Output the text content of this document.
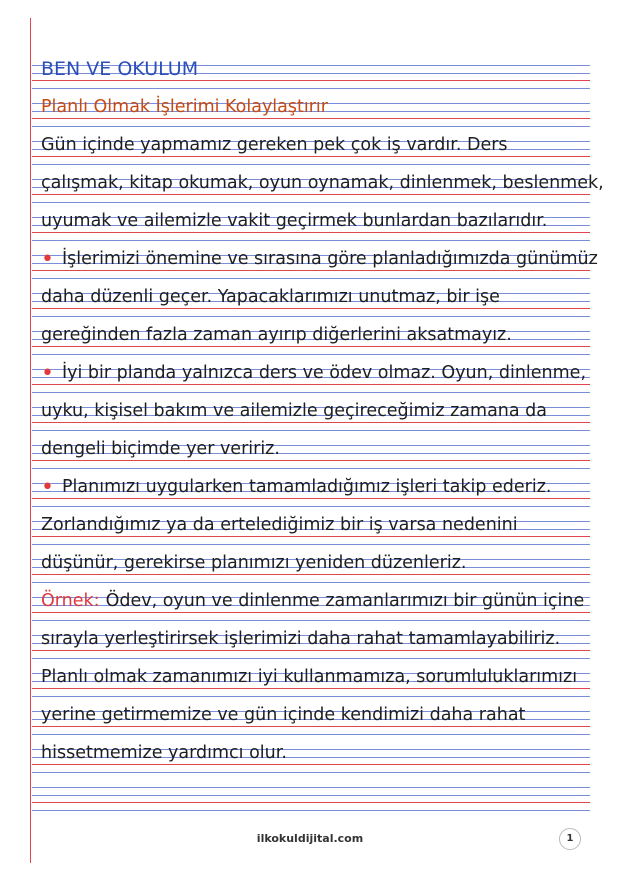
BEN VE OKULUM
Planlı Olmak İşlerimi Kolaylaştırır
Gün içinde yapmamız gereken pek çok iş vardır. Ders
çalışmak, kitap okumak, oyun oynamak, dinlenmek, beslenmek,
uyumak ve ailemizle vakit geçirmek bunlardan bazılarıdır.
• İşlerimizi önemine ve sırasına göre planladığımızda günümüz
daha düzenli geçer. Yapacaklarımızı unutmaz, bir işe
gereğinden fazla zaman ayırıp diğerlerini aksatmayız.
• İyi bir planda yalnızca ders ve ödev olmaz. Oyun, dinlenme,
uyku, kişisel bakım ve ailemizle geçireceğimiz zamana da
dengeli biçimde yer veririz.
• Planımızı uygularken tamamladığımız işleri takip ederiz.
Zorlandığımız ya da ertelediğimiz bir iş varsa nedenini
düşünür, gerekirse planımızı yeniden düzenleriz.
Örnek: Ödev, oyun ve dinlenme zamanlarımızı bir günün içine
sırayla yerleştirirsek işlerimizi daha rahat tamamlayabiliriz.
Planlı olmak zamanımızı iyi kullanmamıza, sorumluluklarımızı
yerine getirmemize ve gün içinde kendimizi daha rahat
hissetmemize yardımcı olur.
ilkokuldijital.com	1
